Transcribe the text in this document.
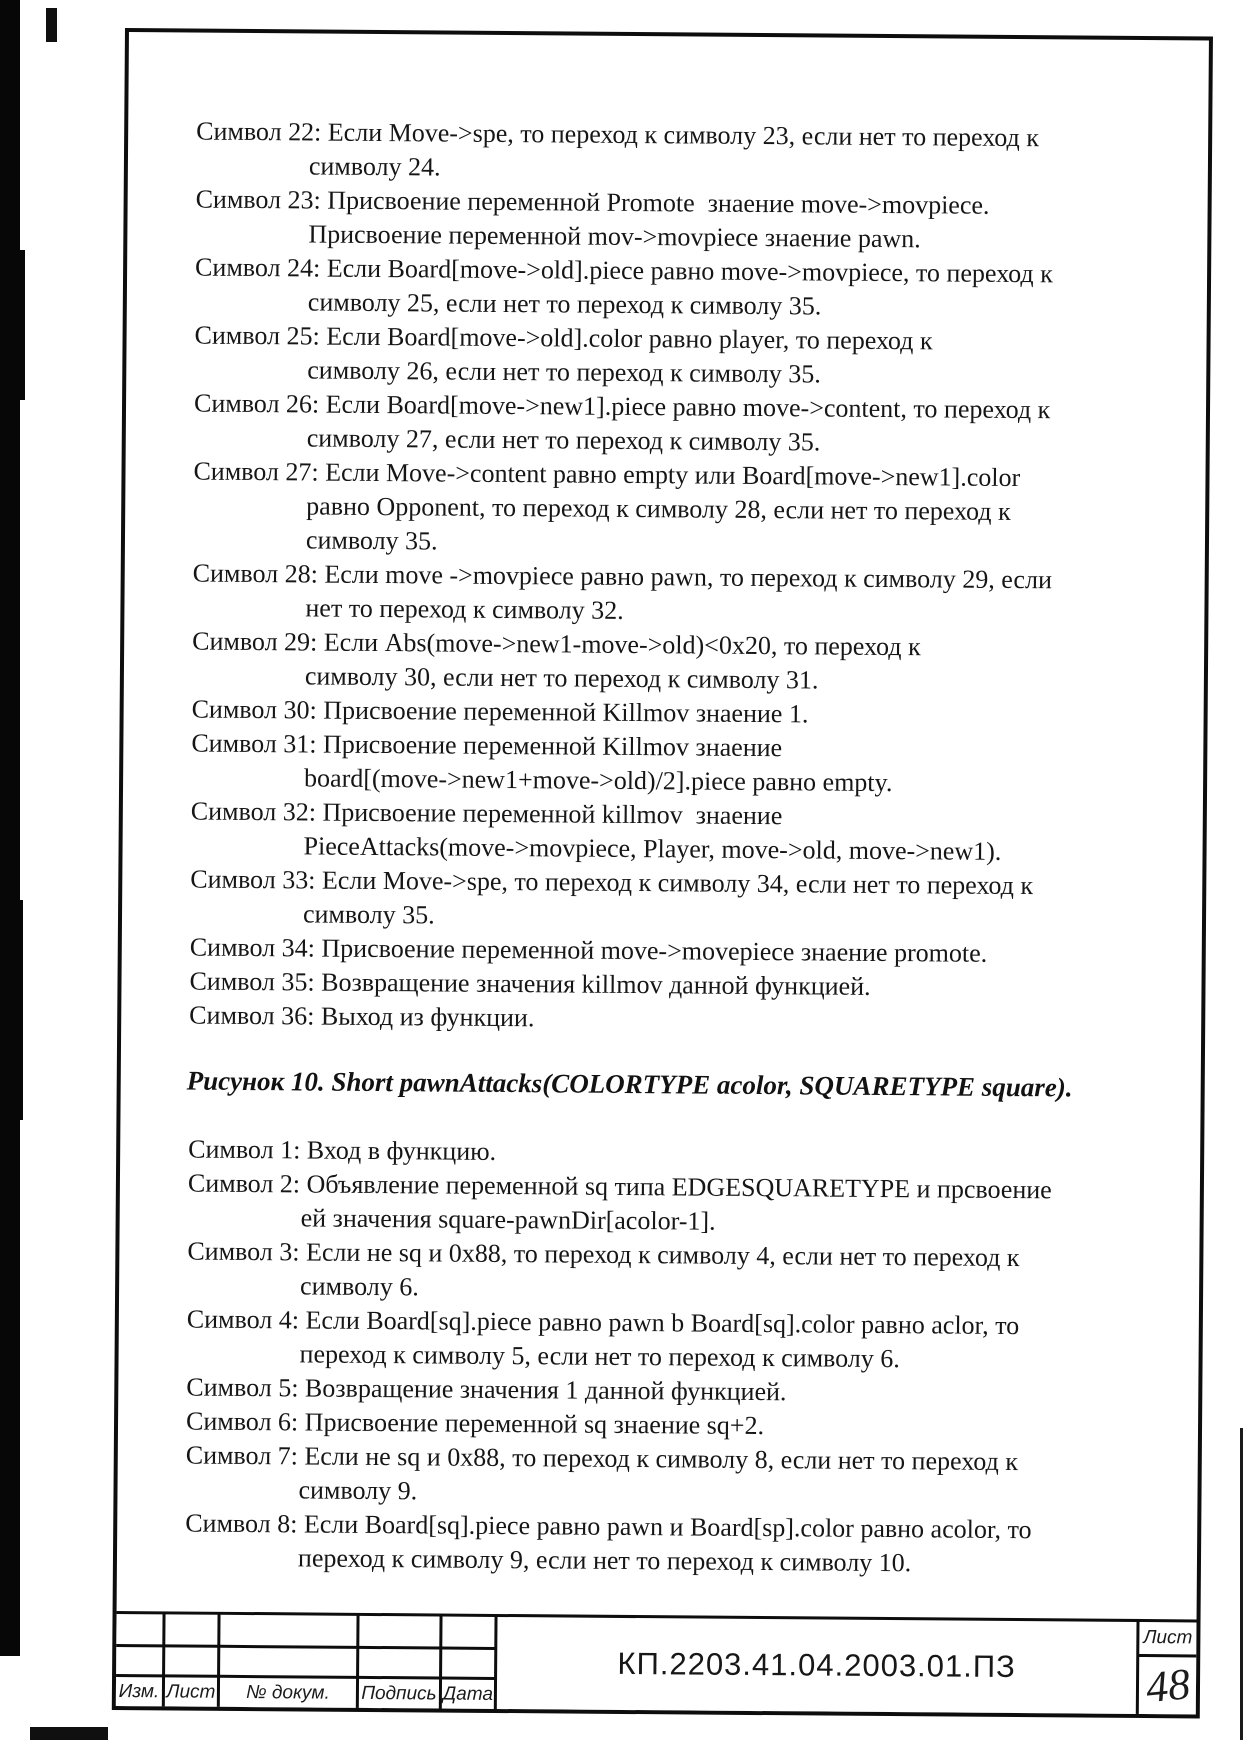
Символ 22: Если Move->spe, то переход к символу 23, если нет то переход к
символу 24.
Символ 23: Присвоение переменной Promote  знаение move->movpiece.
Присвоение переменной mov->movpiece знаение pawn.
Символ 24: Если Board[move->old].piece равно move->movpiece, то переход к
символу 25, если нет то переход к символу 35.
Символ 25: Если Board[move->old].color равно player, то переход к
символу 26, если нет то переход к символу 35.
Символ 26: Если Board[move->new1].piece равно move->content, то переход к
символу 27, если нет то переход к символу 35.
Символ 27: Если Move->content равно empty или Board[move->new1].color
равно Opponent, то переход к символу 28, если нет то переход к
символу 35.
Символ 28: Если move ->movpiece равно pawn, то переход к символу 29, если
нет то переход к символу 32.
Символ 29: Если Abs(move->new1-move->old)<0x20, то переход к
символу 30, если нет то переход к символу 31.
Символ 30: Присвоение переменной Killmov знаение 1.
Символ 31: Присвоение переменной Killmov знаение
board[(move->new1+move->old)/2].piece равно empty.
Символ 32: Присвоение переменной killmov  знаение
PieceAttacks(move->movpiece, Player, move->old, move->new1).
Символ 33: Если Move->spe, то переход к символу 34, если нет то переход к
символу 35.
Символ 34: Присвоение переменной move->movepiece знаение promote.
Символ 35: Возвращение значения killmov данной функцией.
Символ 36: Выход из функции.
Рисунок 10. Short pawnAttacks(COLORTYPE acolor, SQUARETYPE square).
Символ 1: Вход в функцию.
Символ 2: Объявление переменной sq типа EDGESQUARETYPE и прсвоение
ей значения square-pawnDir[acolor-1].
Символ 3: Если не sq и 0x88, то переход к символу 4, если нет то переход к
символу 6.
Символ 4: Если Board[sq].piece равно pawn b Board[sq].color равно aclor, то
переход к символу 5, если нет то переход к символу 6.
Символ 5: Возвращение значения 1 данной функцией.
Символ 6: Присвоение переменной sq знаение sq+2.
Символ 7: Если не sq и 0x88, то переход к символу 8, если нет то переход к
символу 9.
Символ 8: Если Board[sq].piece равно pawn и Board[sp].color равно acolor, то
переход к символу 9, если нет то переход к символу 10.
Изм. Лист	№ докум.	Подпись Дата
КП.2203.41.04.2003.01.ПЗ
Лист
48
